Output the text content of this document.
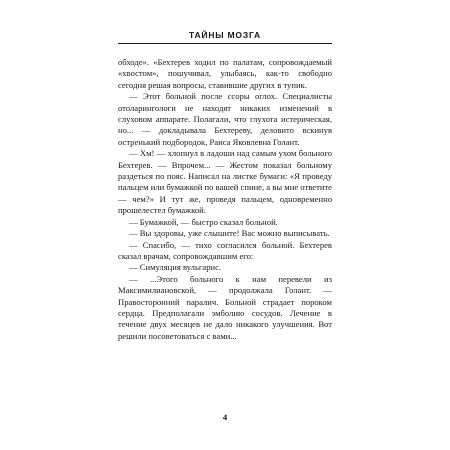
ТАЙНЫ МОЗГА

обходе». «Бехтерев ходил по палатам, сопровождаемый «хвостом», пошучивал, улыбаясь, как-то свободно сегодня решая вопросы, ставившие других в тупик.

— Этот больной после ссоры оглох. Специалисты отоларингологи не находят никаких изменений в слуховом аппарате. Полагали, что глухота истерическая, но... — докладывала Бехтереву, деловито вскинув остренький подбородок, Раиса Яковлевна Голант.

— Хм! — хлопнул в ладоши над самым ухом больного Бехтерев. — Впрочем... — Жестом показал больному раздеться по пояс. Написал на листке бумаги: «Я проведу пальцем или бумажкой по вашей спине, а вы мне ответите — чем?» И тут же, проведя пальцем, одновременно прошелестел бумажкой.

— Бумажкой, — быстро сказал больной.

— Вы здоровы, уже слышите! Вас можно выписывать.

— Спасибо, — тихо согласился больной. Бехтерев сказал врачам, сопровождавшим его:

— Симуляция вульгарис.

— ...Этого больного к нам перевели из Максимилиановской, — продолжала Голант. — Правосторонний паралич. Больной страдает пороком сердца. Предполагали эмболию сосудов. Лечение в течение двух месяцев не дало никакого улучшения. Вот решили посоветоваться с вами...

4
